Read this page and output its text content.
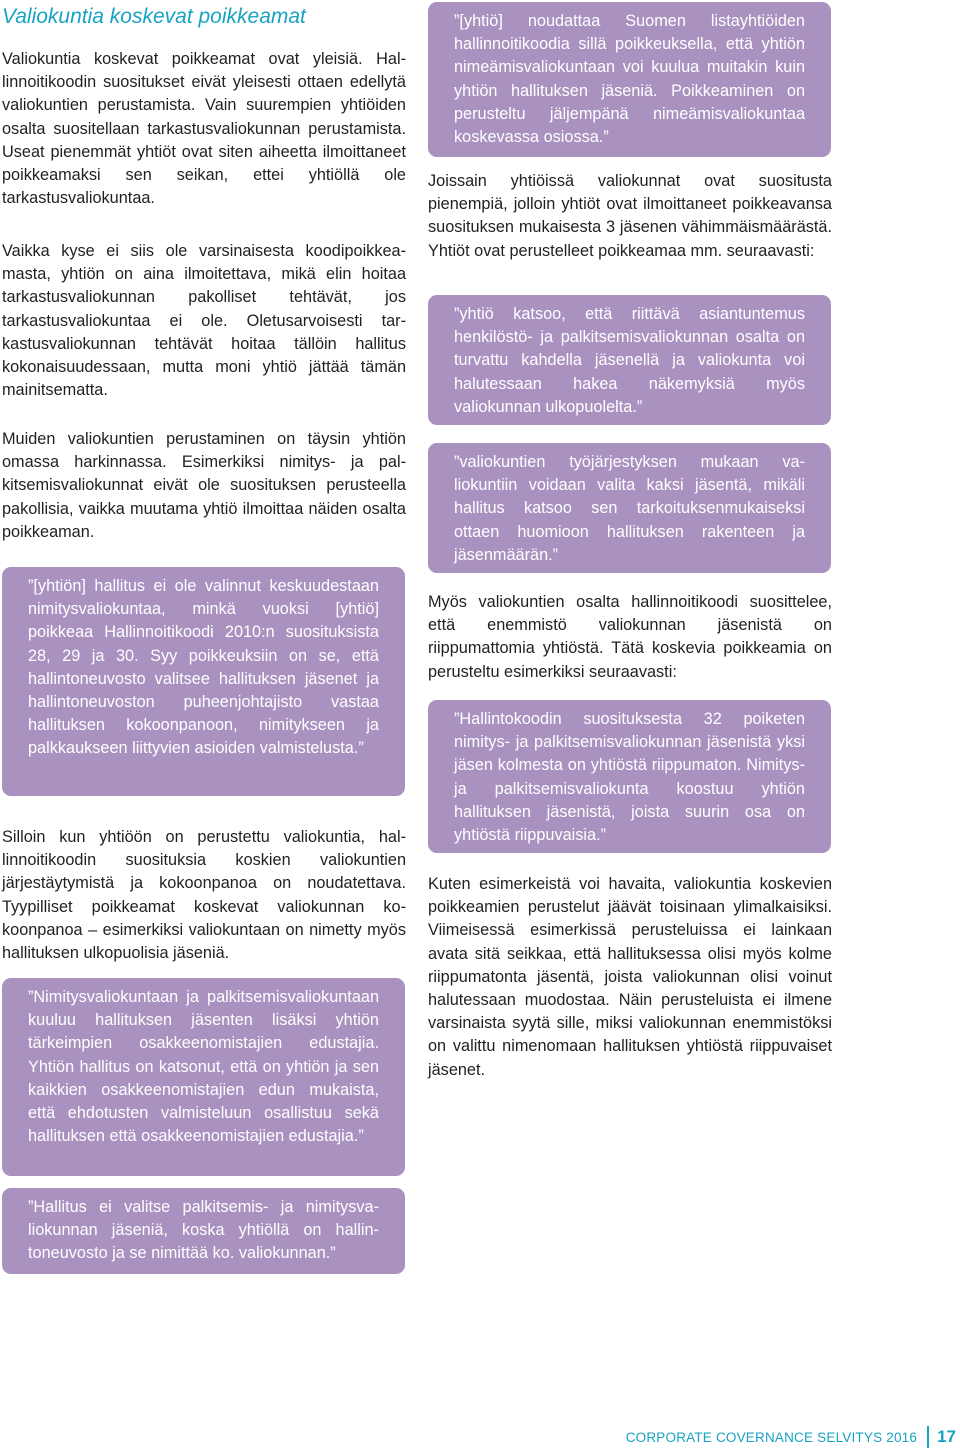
Valiokuntia koskevat poikkeamat

Valiokuntia koskevat poikkeamat ovat yleisiä. Hallinnoitikoodin suositukset eivät yleisesti ottaen edellytä valiokuntien perustamista. Vain suurempien yhtiöiden osalta suositellaan tarkastusvaliokunnan perustamista. Useat pienemmät yhtiöt ovat siten aiheetta ilmoittaneet poikkeamaksi sen seikan, ettei yhtiöllä ole tarkastusvaliokuntaa.

Vaikka kyse ei siis ole varsinaisesta koodipoikkeamasta, yhtiön on aina ilmoitettava, mikä elin hoitaa tarkastusvaliokunnan pakolliset tehtävät, jos tarkastusvaliokuntaa ei ole. Oletusarvoisesti tarkastusvaliokunnan tehtävät hoitaa tällöin hallitus kokonaisuudessaan, mutta moni yhtiö jättää tämän mainitsematta.

Muiden valiokuntien perustaminen on täysin yhtiön omassa harkinnassa. Esimerkiksi nimitys- ja palkitsemisvaliokunnat eivät ole suosituksen perusteella pakollisia, vaikka muutama yhtiö ilmoittaa näiden osalta poikkeaman.

”[yhtiön] hallitus ei ole valinnut keskuudestaan nimitysvaliokuntaa, minkä vuoksi [yhtiö] poikkeaa Hallinnoitikoodi 2010:n suosituksista 28, 29 ja 30. Syy poikkeuksiin on se, että hallintoneuvosto valitsee hallituksen jäsenet ja hallintoneuvoston puheenjohtajisto vastaa hallituksen kokoonpanoon, nimitykseen ja palkkaukseen liittyvien asioiden valmistelusta.”

Silloin kun yhtiöön on perustettu valiokuntia, hallinnoitikoodin suosituksia koskien valiokuntien järjestäytymistä ja kokoonpanoa on noudatettava. Tyypilliset poikkeamat koskevat valiokunnan kokoonpanoa – esimerkiksi valiokuntaan on nimetty myös hallituksen ulkopuolisia jäseniä.

”Nimitysvaliokuntaan ja palkitsemisvaliokuntaan kuuluu hallituksen jäsenten lisäksi yhtiön tärkeimpien osakkeenomistajien edustajia. Yhtiön hallitus on katsonut, että on yhtiön ja sen kaikkien osakkeenomistajien edun mukaista, että ehdotusten valmisteluun osallistuu sekä hallituksen että osakkeenomistajien edustajia.”
”Hallitus ei valitse palkitsemis- ja nimitysvaliokunnan jäseniä, koska yhtiöllä on hallintoneuvosto ja se nimittää ko. valiokunnan.”
”[yhtiö] noudattaa Suomen listayhtiöiden hallinnoitikoodia sillä poikkeuksella, että yhtiön nimeämisvaliokuntaan voi kuulua muitakin kuin yhtiön hallituksen jäseniä. Poikkeaminen on perusteltu jäljempänä nimeämisvaliokuntaa koskevassa osiossa.”

Joissain yhtiöissä valiokunnat ovat suositusta pienempiä, jolloin yhtiöt ovat ilmoittaneet poikkeavansa suosituksen mukaisesta 3 jäsenen vähimmäismäärästä. Yhtiöt ovat perustelleet poikkeamaa mm. seuraavasti:

”yhtiö katsoo, että riittävä asiantuntemus henkilöstö- ja palkitsemisvaliokunnan osalta on turvattu kahdella jäsenellä ja valiokunta voi halutessaan hakea näkemyksiä myös valiokunnan ulkopuolelta.”
”valiokuntien työjärjestyksen mukaan valiokuntiin voidaan valita kaksi jäsentä, mikäli hallitus katsoo sen tarkoituksenmukaiseksi ottaen huomioon hallituksen rakenteen ja jäsenmäärän.”

Myös valiokuntien osalta hallinnoitikoodi suosittelee, että enemmistö valiokunnan jäsenistä on riippumattomia yhtiöstä. Tätä koskevia poikkeamia on perusteltu esimerkiksi seuraavasti:

”Hallintokoodin suosituksesta 32 poiketen nimitys- ja palkitsemisvaliokunnan jäsenistä yksi jäsen kolmesta on yhtiöstä riippumaton. Nimitys- ja palkitsemisvaliokunta koostuu yhtiön hallituksen jäsenistä, joista suurin osa on yhtiöstä riippuvaisia.”

Kuten esimerkeistä voi havaita, valiokuntia koskevien poikkeamien perustelut jäävät toisinaan ylimalkaisiksi. Viimeisessä esimerkissä perusteluissa ei lainkaan avata sitä seikkaa, että hallituksessa olisi myös kolme riippumatonta jäsentä, joista valiokunnan olisi voinut halutessaan muodostaa. Näin perusteluista ei ilmene varsinaista syytä sille, miksi valiokunnan enemmistöksi on valittu nimenomaan hallituksen yhtiöstä riippuvaiset jäsenet.

CORPORATE COVERNANCE SELVITYS 2016 17
